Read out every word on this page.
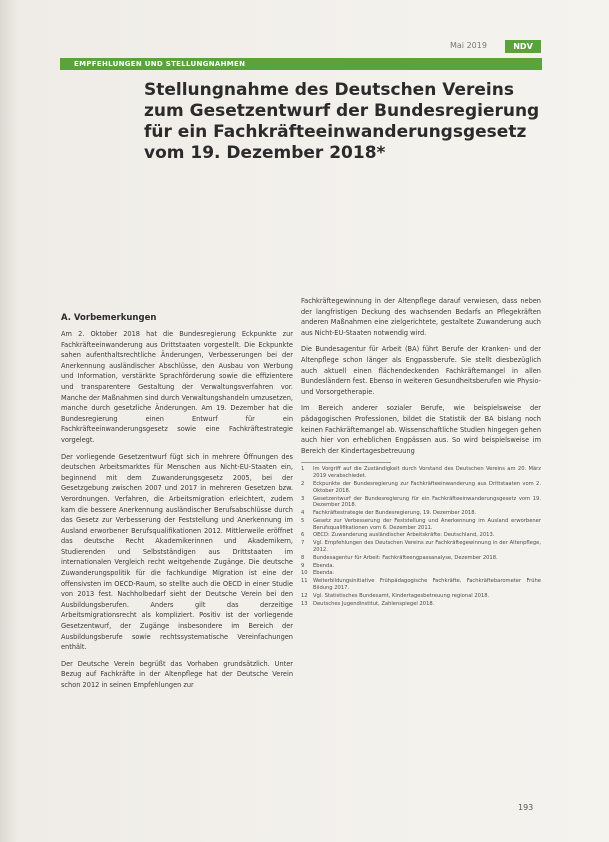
Mai 2019	NDV
EMPFEHLUNGEN UND STELLUNGNAHMEN
Stellungnahme des Deutschen Vereins zum Gesetzentwurf der Bundesregierung für ein Fachkräfteeinwanderungsgesetz vom 19. Dezember 2018*
A. Vorbemerkungen

Am 2. Oktober 2018 hat die Bundesregierung Eckpunkte zur Fachkräfteeinwanderung aus Drittstaaten vorgestellt. Die Eckpunkte sahen aufenthaltsrechtliche Änderungen, Verbesserungen bei der Anerkennung ausländischer Abschlüsse, den Ausbau von Werbung und Information, verstärkte Sprachförderung sowie die effizientere und transparentere Gestaltung der Verwaltungsverfahren vor. Manche der Maßnahmen sind durch Verwaltungshandeln umzusetzen, manche durch gesetzliche Änderungen. Am 19. Dezember hat die Bundesregierung einen Entwurf für ein Fachkräfteeinwanderungsgesetz sowie eine Fachkräftestrategie vorgelegt.

Der vorliegende Gesetzentwurf fügt sich in mehrere Öffnungen des deutschen Arbeitsmarktes für Menschen aus Nicht-EU-Staaten ein, beginnend mit dem Zuwanderungsgesetz 2005, bei der Gesetzgebung zwischen 2007 und 2017 in mehreren Gesetzen bzw. Verordnungen. Verfahren, die Arbeitsmigration erleichtert, zudem kam die bessere Anerkennung ausländischer Berufsabschlüsse durch das Gesetz zur Verbesserung der Feststellung und Anerkennung im Ausland erworbener Berufsqualifikationen 2012. Mittlerweile eröffnet das deutsche Recht Akademikerinnen und Akademikern, Studierenden und Selbstständigen aus Drittstaaten im internationalen Vergleich recht weitgehende Zugänge. Die deutsche Zuwanderungspolitik für die fachkundige Migration ist eine der offensivsten im OECD-Raum, so stellte auch die OECD in einer Studie von 2013 fest. Nachholbedarf sieht der Deutsche Verein bei den Ausbildungsberufen. Anders gilt das derzeitige Arbeitsmigrationsrecht als kompliziert. Positiv ist der vorliegende Gesetzentwurf, der Zugänge insbesondere im Bereich der Ausbildungsberufe sowie rechtssystematische Vereinfachungen enthält.

Der Deutsche Verein begrüßt das Vorhaben grundsätzlich. Unter Bezug auf Fachkräfte in der Altenpflege hat der Deutsche Verein schon 2012 in seinen Empfehlungen zur

Fachkräftegewinnung in der Altenpflege darauf verwiesen, dass neben der langfristigen Deckung des wachsenden Bedarfs an Pflegekräften anderen Maßnahmen eine zielgerichtete, gestaltete Zuwanderung auch aus Nicht-EU-Staaten notwendig wird.

Die Bundesagentur für Arbeit (BA) führt Berufe der Kranken- und der Altenpflege schon länger als Engpassberufe. Sie stellt diesbezüglich auch aktuell einen flächendeckenden Fachkräftemangel in allen Bundesländern fest. Ebenso in weiteren Gesundheitsberufen wie Physio- und Vorsorgetherapie.

Im Bereich anderer sozialer Berufe, wie beispielsweise der pädagogischen Professionen, bildet die Statistik der BA bislang noch keinen Fachkräftemangel ab. Wissenschaftliche Studien hingegen gehen auch hier von erheblichen Engpässen aus. So wird beispielsweise im Bereich der Kindertagesbetreuung

1	Im Vorgriff auf die Zuständigkeit durch Vorstand des Deutschen Vereins am 20. März 2019 verabschiedet.
2	Eckpunkte der Bundesregierung zur Fachkräfteeinwanderung aus Drittstaaten vom 2. Oktober 2018.
3	Gesetzentwurf der Bundesregierung für ein Fachkräfteeinwanderungsgesetz vom 19. Dezember 2018.
4	Fachkräftestrategie der Bundesregierung, 19. Dezember 2018.
5	Gesetz zur Verbesserung der Feststellung und Anerkennung im Ausland erworbener Berufsqualifikationen vom 6. Dezember 2011.
6	OECD: Zuwanderung ausländischer Arbeitskräfte: Deutschland, 2013.
7	Vgl. Empfehlungen des Deutschen Vereins zur Fachkräftegewinnung in der Altenpflege, 2012.
8	Bundesagentur für Arbeit: Fachkräfteengpassanalyse, Dezember 2018.
9	Ebenda.
10	Ebenda.
11	Weiterbildungsinitiative Frühpädagogische Fachkräfte, Fachkräftebarometer Frühe Bildung 2017.
12	Vgl. Statistisches Bundesamt, Kindertagesbetreuung regional 2018.
13	Deutsches Jugendinstitut, Zahlenspiegel 2018.
193
